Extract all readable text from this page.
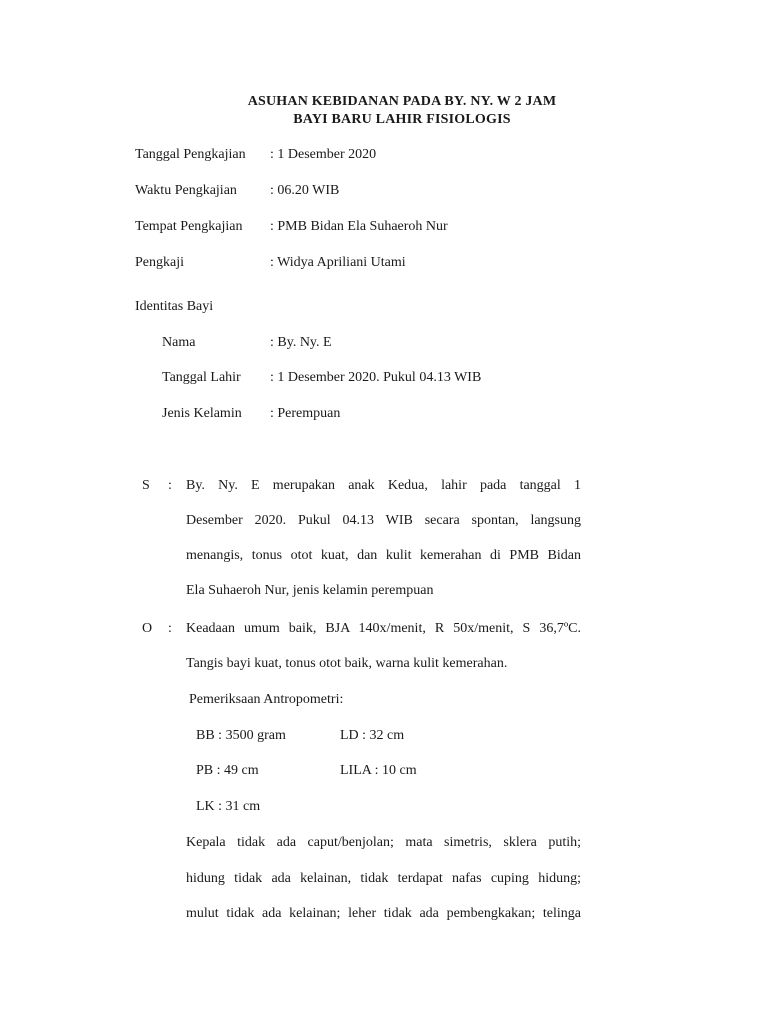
ASUHAN KEBIDANAN PADA BY. NY. W 2 JAM
BAYI BARU LAHIR FISIOLOGIS
Tanggal Pengkajian : 1 Desember 2020
Waktu Pengkajian : 06.20 WIB
Tempat Pengkajian : PMB Bidan Ela Suhaeroh Nur
Pengkaji	: Widya Apriliani Utami
Identitas Bayi
Nama	: By. Ny. E
Tanggal Lahir : 1 Desember 2020. Pukul 04.13 WIB
Jenis Kelamin : Perempuan
S : By. Ny. E merupakan anak Kedua, lahir pada tanggal 1
Desember 2020. Pukul 04.13 WIB secara spontan, langsung
menangis, tonus otot kuat, dan kulit kemerahan di PMB Bidan
Ela Suhaeroh Nur, jenis kelamin perempuan
O : Keadaan umum baik, BJA 140x/menit, R 50x/menit, S 36,7ºC.
Tangis bayi kuat, tonus otot baik, warna kulit kemerahan.
Pemeriksaan Antropometri:
BB : 3500 gram	LD : 32 cm
PB : 49 cm	LILA : 10 cm
LK : 31 cm
Kepala tidak ada caput/benjolan; mata simetris, sklera putih;
hidung tidak ada kelainan, tidak terdapat nafas cuping hidung;
mulut tidak ada kelainan; leher tidak ada pembengkakan; telinga
